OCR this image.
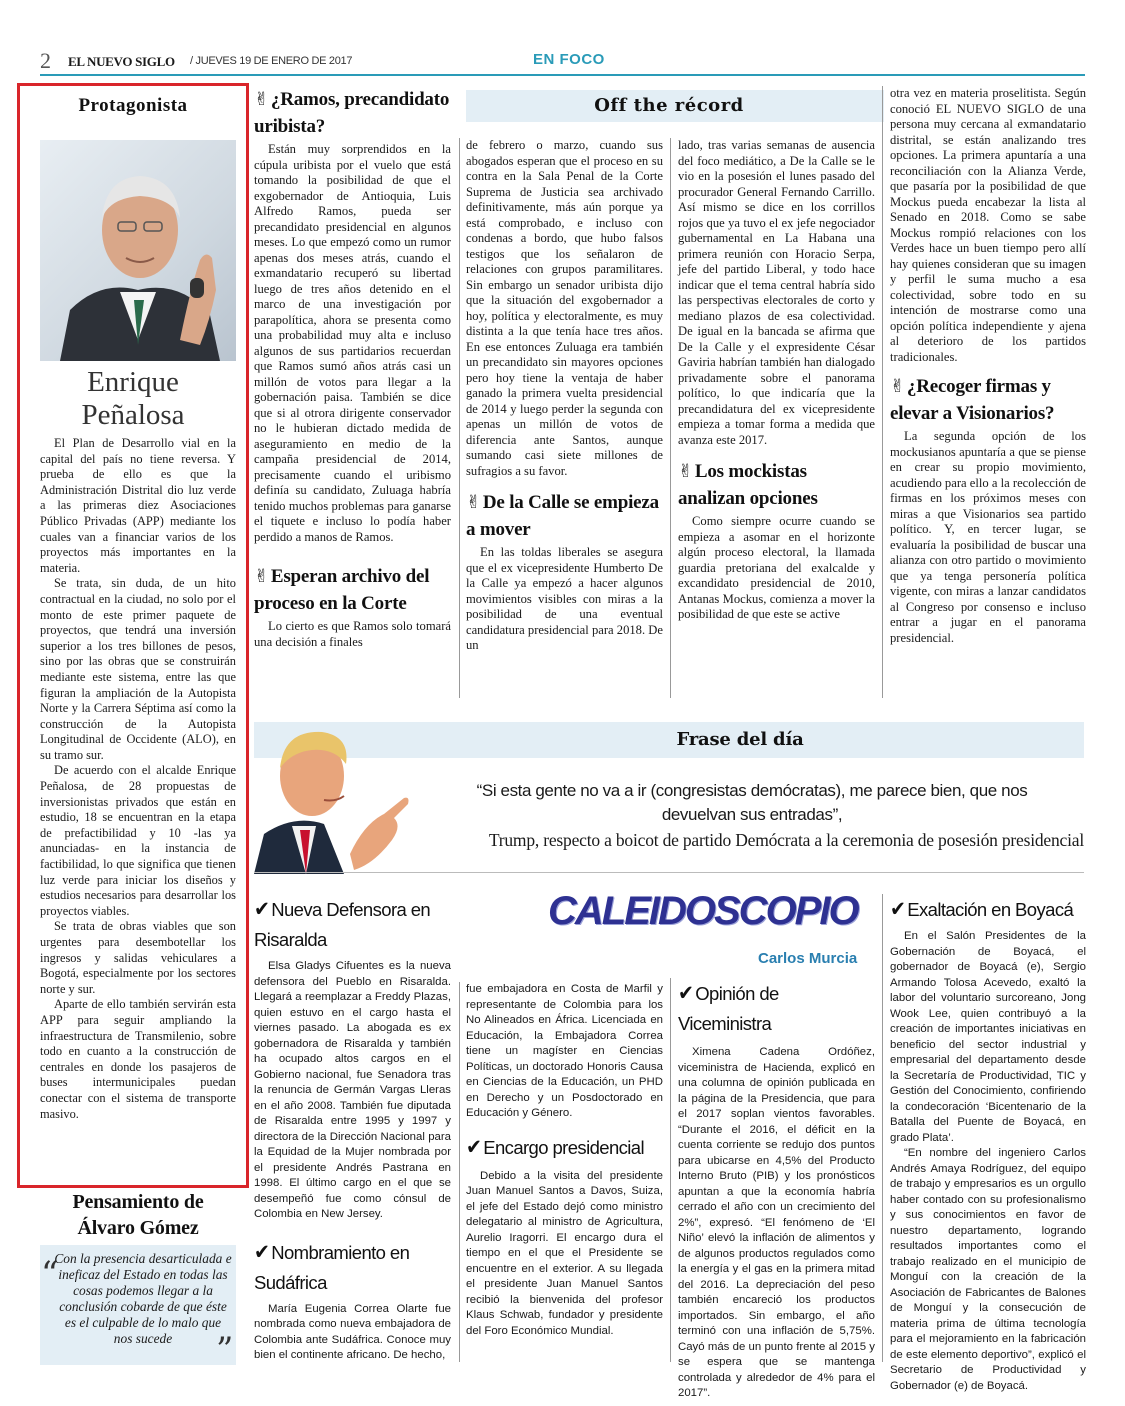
2 EL NUEVO SIGLO / JUEVES 19 DE ENERO DE 2017	EN FOCO
Protagonista
Enrique
Peñalosa

El Plan de Desarrollo vial en la capital del país no tiene reversa. Y prueba de ello es que la Administración Distrital dio luz verde a las primeras diez Asociaciones Público Privadas (APP) mediante los cuales van a financiar varios de los proyectos más importantes en la materia.

Se trata, sin duda, de un hito contractual en la ciudad, no solo por el monto de este primer paquete de proyectos, que tendrá una inversión superior a los tres billones de pesos, sino por las obras que se construirán mediante este sistema, entre las que figuran la ampliación de la Autopista Norte y la Carrera Séptima así como la construcción de la Autopista Longitudinal de Occidente (ALO), en su tramo sur.

De acuerdo con el alcalde Enrique Peñalosa, de 28 propuestas de inversionistas privados que están en estudio, 18 se encuentran en la etapa de prefactibilidad y 10 -las ya anunciadas- en la instancia de factibilidad, lo que significa que tienen luz verde para iniciar los diseños y estudios necesarios para desarrollar los proyectos viables.

Se trata de obras viables que son urgentes para desembotellar los ingresos y salidas vehiculares a Bogotá, especialmente por los sectores norte y sur.

Aparte de ello también servirán esta APP para seguir ampliando la infraestructura de Transmilenio, sobre todo en cuanto a la construcción de centrales en donde los pasajeros de buses intermunicipales puedan conectar con el sistema de transporte masivo.

Pensamiento de
Álvaro Gómez
“
Con la presencia desarticulada e ineficaz del Estado en todas las cosas podemos llegar a la conclusión cobarde de que éste es el culpable de lo malo que nos sucede	”
Off the récord
✌ ¿Ramos, precandidato uribista?

Están muy sorprendidos en la cúpula uribista por el vuelo que está tomando la posibilidad de que el exgobernador de Antioquia, Luis Alfredo Ramos, pueda ser precandidato presidencial en algunos meses. Lo que empezó como un rumor apenas dos meses atrás, cuando el exmandatario recuperó su libertad luego de tres años detenido en el marco de una investigación por parapolítica, ahora se presenta como una probabilidad muy alta e incluso algunos de sus partidarios recuerdan que Ramos sumó años atrás casi un millón de votos para llegar a la gobernación paisa. También se dice que si al otrora dirigente conservador no le hubieran dictado medida de aseguramiento en medio de la campaña presidencial de 2014, precisamente cuando el uribismo definía su candidato, Zuluaga habría tenido muchos problemas para ganarse el tiquete e incluso lo podía haber perdido a manos de Ramos.

✌ Esperan archivo del proceso en la Corte

Lo cierto es que Ramos solo tomará una decisión a finales

de febrero o marzo, cuando sus abogados esperan que el proceso en su contra en la Sala Penal de la Corte Suprema de Justicia sea archivado definitivamente, más aún porque ya está comprobado, e incluso con condenas a bordo, que hubo falsos testigos que los señalaron de relaciones con grupos paramilitares. Sin embargo un senador uribista dijo que la situación del exgobernador a hoy, política y electoralmente, es muy distinta a la que tenía hace tres años. En ese entonces Zuluaga era también un precandidato sin mayores opciones pero hoy tiene la ventaja de haber ganado la primera vuelta presidencial de 2014 y luego perder la segunda con apenas un millón de votos de diferencia ante Santos, aunque sumando casi siete millones de sufragios a su favor.

✌ De la Calle se empieza a mover

En las toldas liberales se asegura que el ex vicepresidente Humberto De la Calle ya empezó a hacer algunos movimientos visibles con miras a la posibilidad de una eventual candidatura presidencial para 2018. De un

lado, tras varias semanas de ausencia del foco mediático, a De la Calle se le vio en la posesión el lunes pasado del procurador General Fernando Carrillo. Así mismo se dice en los corrillos rojos que ya tuvo el ex jefe negociador gubernamental en La Habana una primera reunión con Horacio Serpa, jefe del partido Liberal, y todo hace indicar que el tema central habría sido las perspectivas electorales de corto y mediano plazos de esa colectividad. De igual en la bancada se afirma que De la Calle y el expresidente César Gaviria habrían también han dialogado privadamente sobre el panorama político, lo que indicaría que la precandidatura del ex vicepresidente empieza a tomar forma a medida que avanza este 2017.

✌ Los mockistas analizan opciones

Como siempre ocurre cuando se empieza a asomar en el horizonte algún proceso electoral, la llamada guardia pretoriana del exalcalde y excandidato presidencial de 2010, Antanas Mockus, comienza a mover la posibilidad de que este se active

otra vez en materia proselitista. Según conoció EL NUEVO SIGLO de una persona muy cercana al exmandatario distrital, se están analizando tres opciones. La primera apuntaría a una reconciliación con la Alianza Verde, que pasaría por la posibilidad de que Mockus pueda encabezar la lista al Senado en 2018. Como se sabe Mockus rompió relaciones con los Verdes hace un buen tiempo pero allí hay quienes consideran que su imagen y perfil le suma mucho a esa colectividad, sobre todo en su intención de mostrarse como una opción política independiente y ajena al deterioro de los partidos tradicionales.

✌ ¿Recoger firmas y elevar a Visionarios?

La segunda opción de los mockusianos apuntaría a que se piense en crear su propio movimiento, acudiendo para ello a la recolección de firmas en los próximos meses con miras a que Visionarios sea partido político. Y, en tercer lugar, se evaluaría la posibilidad de buscar una alianza con otro partido o movimiento que ya tenga personería política vigente, con miras a lanzar candidatos al Congreso por consenso e incluso entrar a jugar en el panorama presidencial.

Frase del día
“Si esta gente no va a ir (congresistas demócratas), me parece bien, que nos
devuelvan sus entradas”,
Trump, respecto a boicot de partido Demócrata a la ceremonia de posesión presidencial
CALEIDOSCOPIO
Carlos Murcia
✔ Nueva Defensora en Risaralda

Elsa Gladys Cifuentes es la nueva defensora del Pueblo en Risaralda. Llegará a reemplazar a Freddy Plazas, quien estuvo en el cargo hasta el viernes pasado. La abogada es ex gobernadora de Risaralda y también ha ocupado altos cargos en el Gobierno nacional, fue Senadora tras la renuncia de Germán Vargas Lleras en el año 2008. También fue diputada de Risaralda entre 1995 y 1997 y directora de la Dirección Nacional para la Equidad de la Mujer nombrada por el presidente Andrés Pastrana en 1998. El último cargo en el que se desempeñó fue como cónsul de Colombia en New Jersey.

✔ Nombramiento en Sudáfrica

María Eugenia Correa Olarte fue nombrada como nueva embajadora de Colombia ante Sudáfrica. Conoce muy bien el continente africano. De hecho,

fue embajadora en Costa de Marfil y representante de Colombia para los No Alineados en África. Licenciada en Educación, la Embajadora Correa tiene un magíster en Ciencias Políticas, un doctorado Honoris Causa en Ciencias de la Educación, un PHD en Derecho y un Posdoctorado en Educación y Género.

✔ Encargo presidencial

Debido a la visita del presidente Juan Manuel Santos a Davos, Suiza, el jefe del Estado dejó como ministro delegatario al ministro de Agricultura, Aurelio Iragorri. El encargo dura el tiempo en el que el Presidente se encuentre en el exterior. A su llegada el presidente Juan Manuel Santos recibió la bienvenida del profesor Klaus Schwab, fundador y presidente del Foro Económico Mundial.

✔ Opinión de Viceministra

Ximena Cadena Ordóñez, viceministra de Hacienda, explicó en una columna de opinión publicada en la página de la Presidencia, que para el 2017 soplan vientos favorables. “Durante el 2016, el déficit en la cuenta corriente se redujo dos puntos para ubicarse en 4,5% del Producto Interno Bruto (PIB) y los pronósticos apuntan a que la economía habría cerrado el año con un crecimiento del 2%”, expresó. “El fenómeno de ‘El Niño’ elevó la inflación de alimentos y de algunos productos regulados como la energía y el gas en la primera mitad del 2016. La depreciación del peso también encareció los productos importados. Sin embargo, el año terminó con una inflación de 5,75%. Cayó más de un punto frente al 2015 y se espera que se mantenga controlada y alrededor de 4% para el 2017”.

✔ Exaltación en Boyacá

En el Salón Presidentes de la Gobernación de Boyacá, el gobernador de Boyacá (e), Sergio Armando Tolosa Acevedo, exaltó la labor del voluntario surcoreano, Jong Wook Lee, quien contribuyó a la creación de importantes iniciativas en beneficio del sector industrial y empresarial del departamento desde la Secretaría de Productividad, TIC y Gestión del Conocimiento, confiriendo la condecoración ‘Bicentenario de la Batalla del Puente de Boyacá, en grado Plata’.

“En nombre del ingeniero Carlos Andrés Amaya Rodríguez, del equipo de trabajo y empresarios es un orgullo haber contado con su profesionalismo y sus conocimientos en favor de nuestro departamento, logrando resultados importantes como el trabajo realizado en el municipio de Monguí con la creación de la Asociación de Fabricantes de Balones de Monguí y la consecución de materia prima de última tecnología para el mejoramiento en la fabricación de este elemento deportivo”, explicó el Secretario de Productividad y Gobernador (e) de Boyacá.
